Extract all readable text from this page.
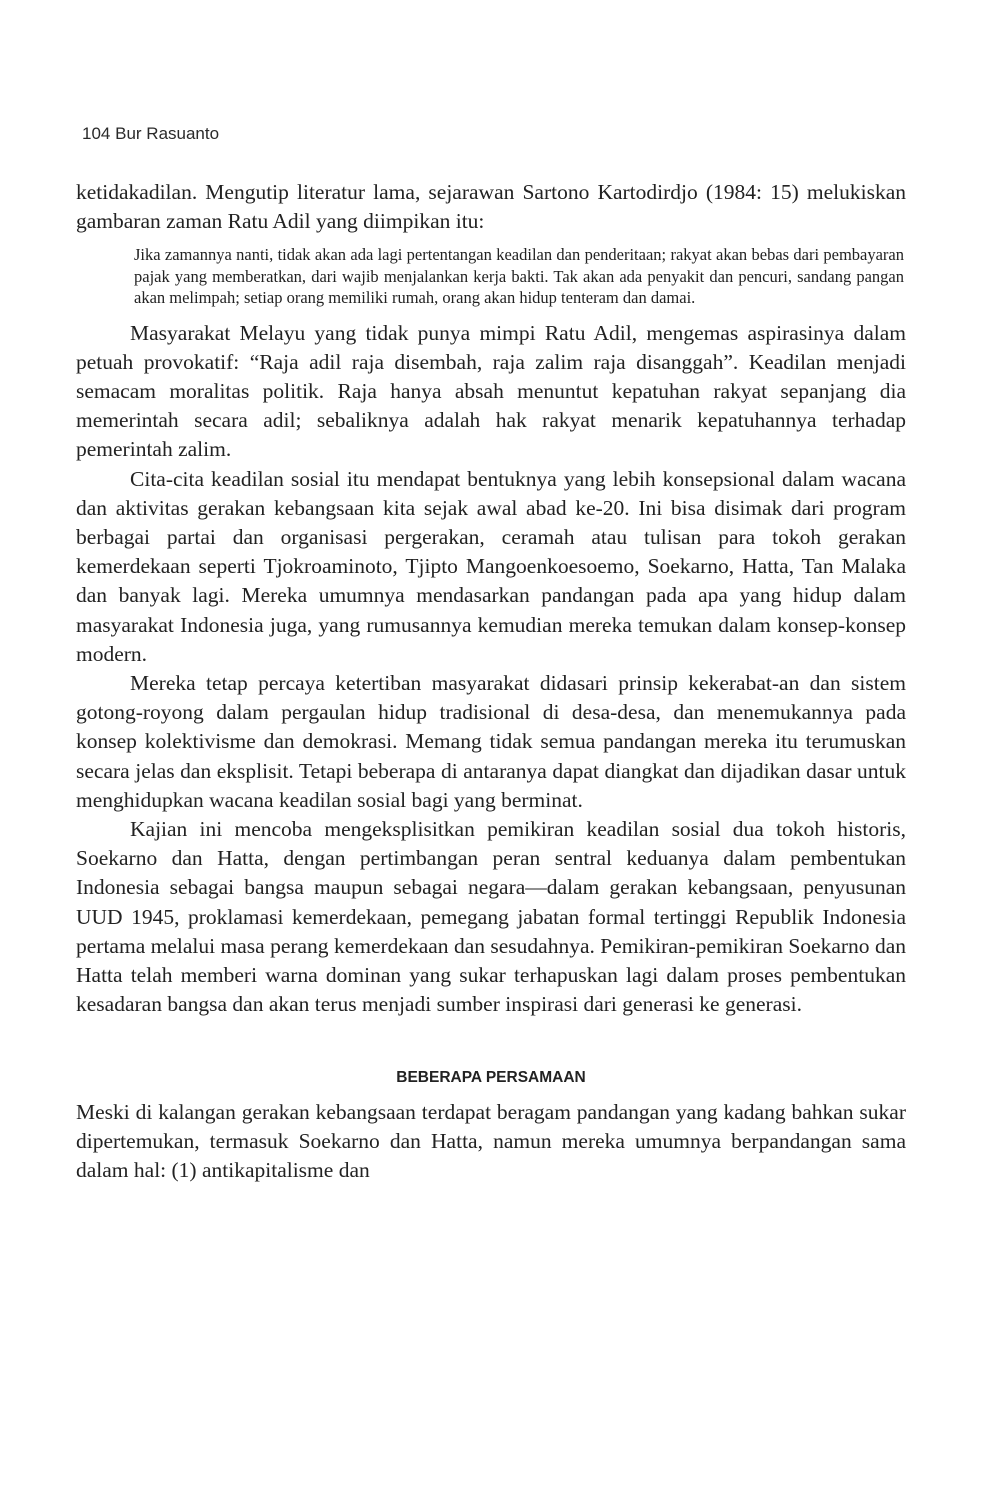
104 Bur Rasuanto

ketidakadilan. Mengutip literatur lama, sejarawan Sartono Kartodirdjo (1984: 15) melukiskan gambaran zaman Ratu Adil yang diimpikan itu:

Jika zamannya nanti, tidak akan ada lagi pertentangan keadilan dan penderitaan; rakyat akan bebas dari pembayaran pajak yang memberatkan, dari wajib menjalankan kerja bakti. Tak akan ada penyakit dan pencuri, sandang pangan akan melimpah; setiap orang memiliki rumah, orang akan hidup tenteram dan damai.

Masyarakat Melayu yang tidak punya mimpi Ratu Adil, mengemas aspirasinya dalam petuah provokatif: “Raja adil raja disembah, raja zalim raja disanggah”. Keadilan menjadi semacam moralitas politik. Raja hanya absah menuntut kepatuhan rakyat sepanjang dia memerintah secara adil; sebaliknya adalah hak rakyat menarik kepatuhannya terhadap pemerintah zalim.

Cita-cita keadilan sosial itu mendapat bentuknya yang lebih konsepsional dalam wacana dan aktivitas gerakan kebangsaan kita sejak awal abad ke-20. Ini bisa disimak dari program berbagai partai dan organisasi pergerakan, ceramah atau tulisan para tokoh gerakan kemerdekaan seperti Tjokroaminoto, Tjipto Mangoenkoesoemo, Soekarno, Hatta, Tan Malaka dan banyak lagi. Mereka umumnya mendasarkan pandangan pada apa yang hidup dalam masyarakat Indonesia juga, yang rumusannya kemudian mereka temukan dalam konsep-konsep modern.

Mereka tetap percaya ketertiban masyarakat didasari prinsip kekerabat-an dan sistem gotong-royong dalam pergaulan hidup tradisional di desa-desa, dan menemukannya pada konsep kolektivisme dan demokrasi. Memang tidak semua pandangan mereka itu terumuskan secara jelas dan eksplisit. Tetapi beberapa di antaranya dapat diangkat dan dijadikan dasar untuk menghidupkan wacana keadilan sosial bagi yang berminat.

Kajian ini mencoba mengeksplisitkan pemikiran keadilan sosial dua tokoh historis, Soekarno dan Hatta, dengan pertimbangan peran sentral keduanya dalam pembentukan Indonesia sebagai bangsa maupun sebagai negara—dalam gerakan kebangsaan, penyusunan UUD 1945, proklamasi kemerdekaan, pemegang jabatan formal tertinggi Republik Indonesia pertama melalui masa perang kemerdekaan dan sesudahnya. Pemikiran-pemikiran Soekarno dan Hatta telah memberi warna dominan yang sukar terhapuskan lagi dalam proses pembentukan kesadaran bangsa dan akan terus menjadi sumber inspirasi dari generasi ke generasi.

BEBERAPA PERSAMAAN

Meski di kalangan gerakan kebangsaan terdapat beragam pandangan yang kadang bahkan sukar dipertemukan, termasuk Soekarno dan Hatta, namun mereka umumnya berpandangan sama dalam hal: (1) antikapitalisme dan
